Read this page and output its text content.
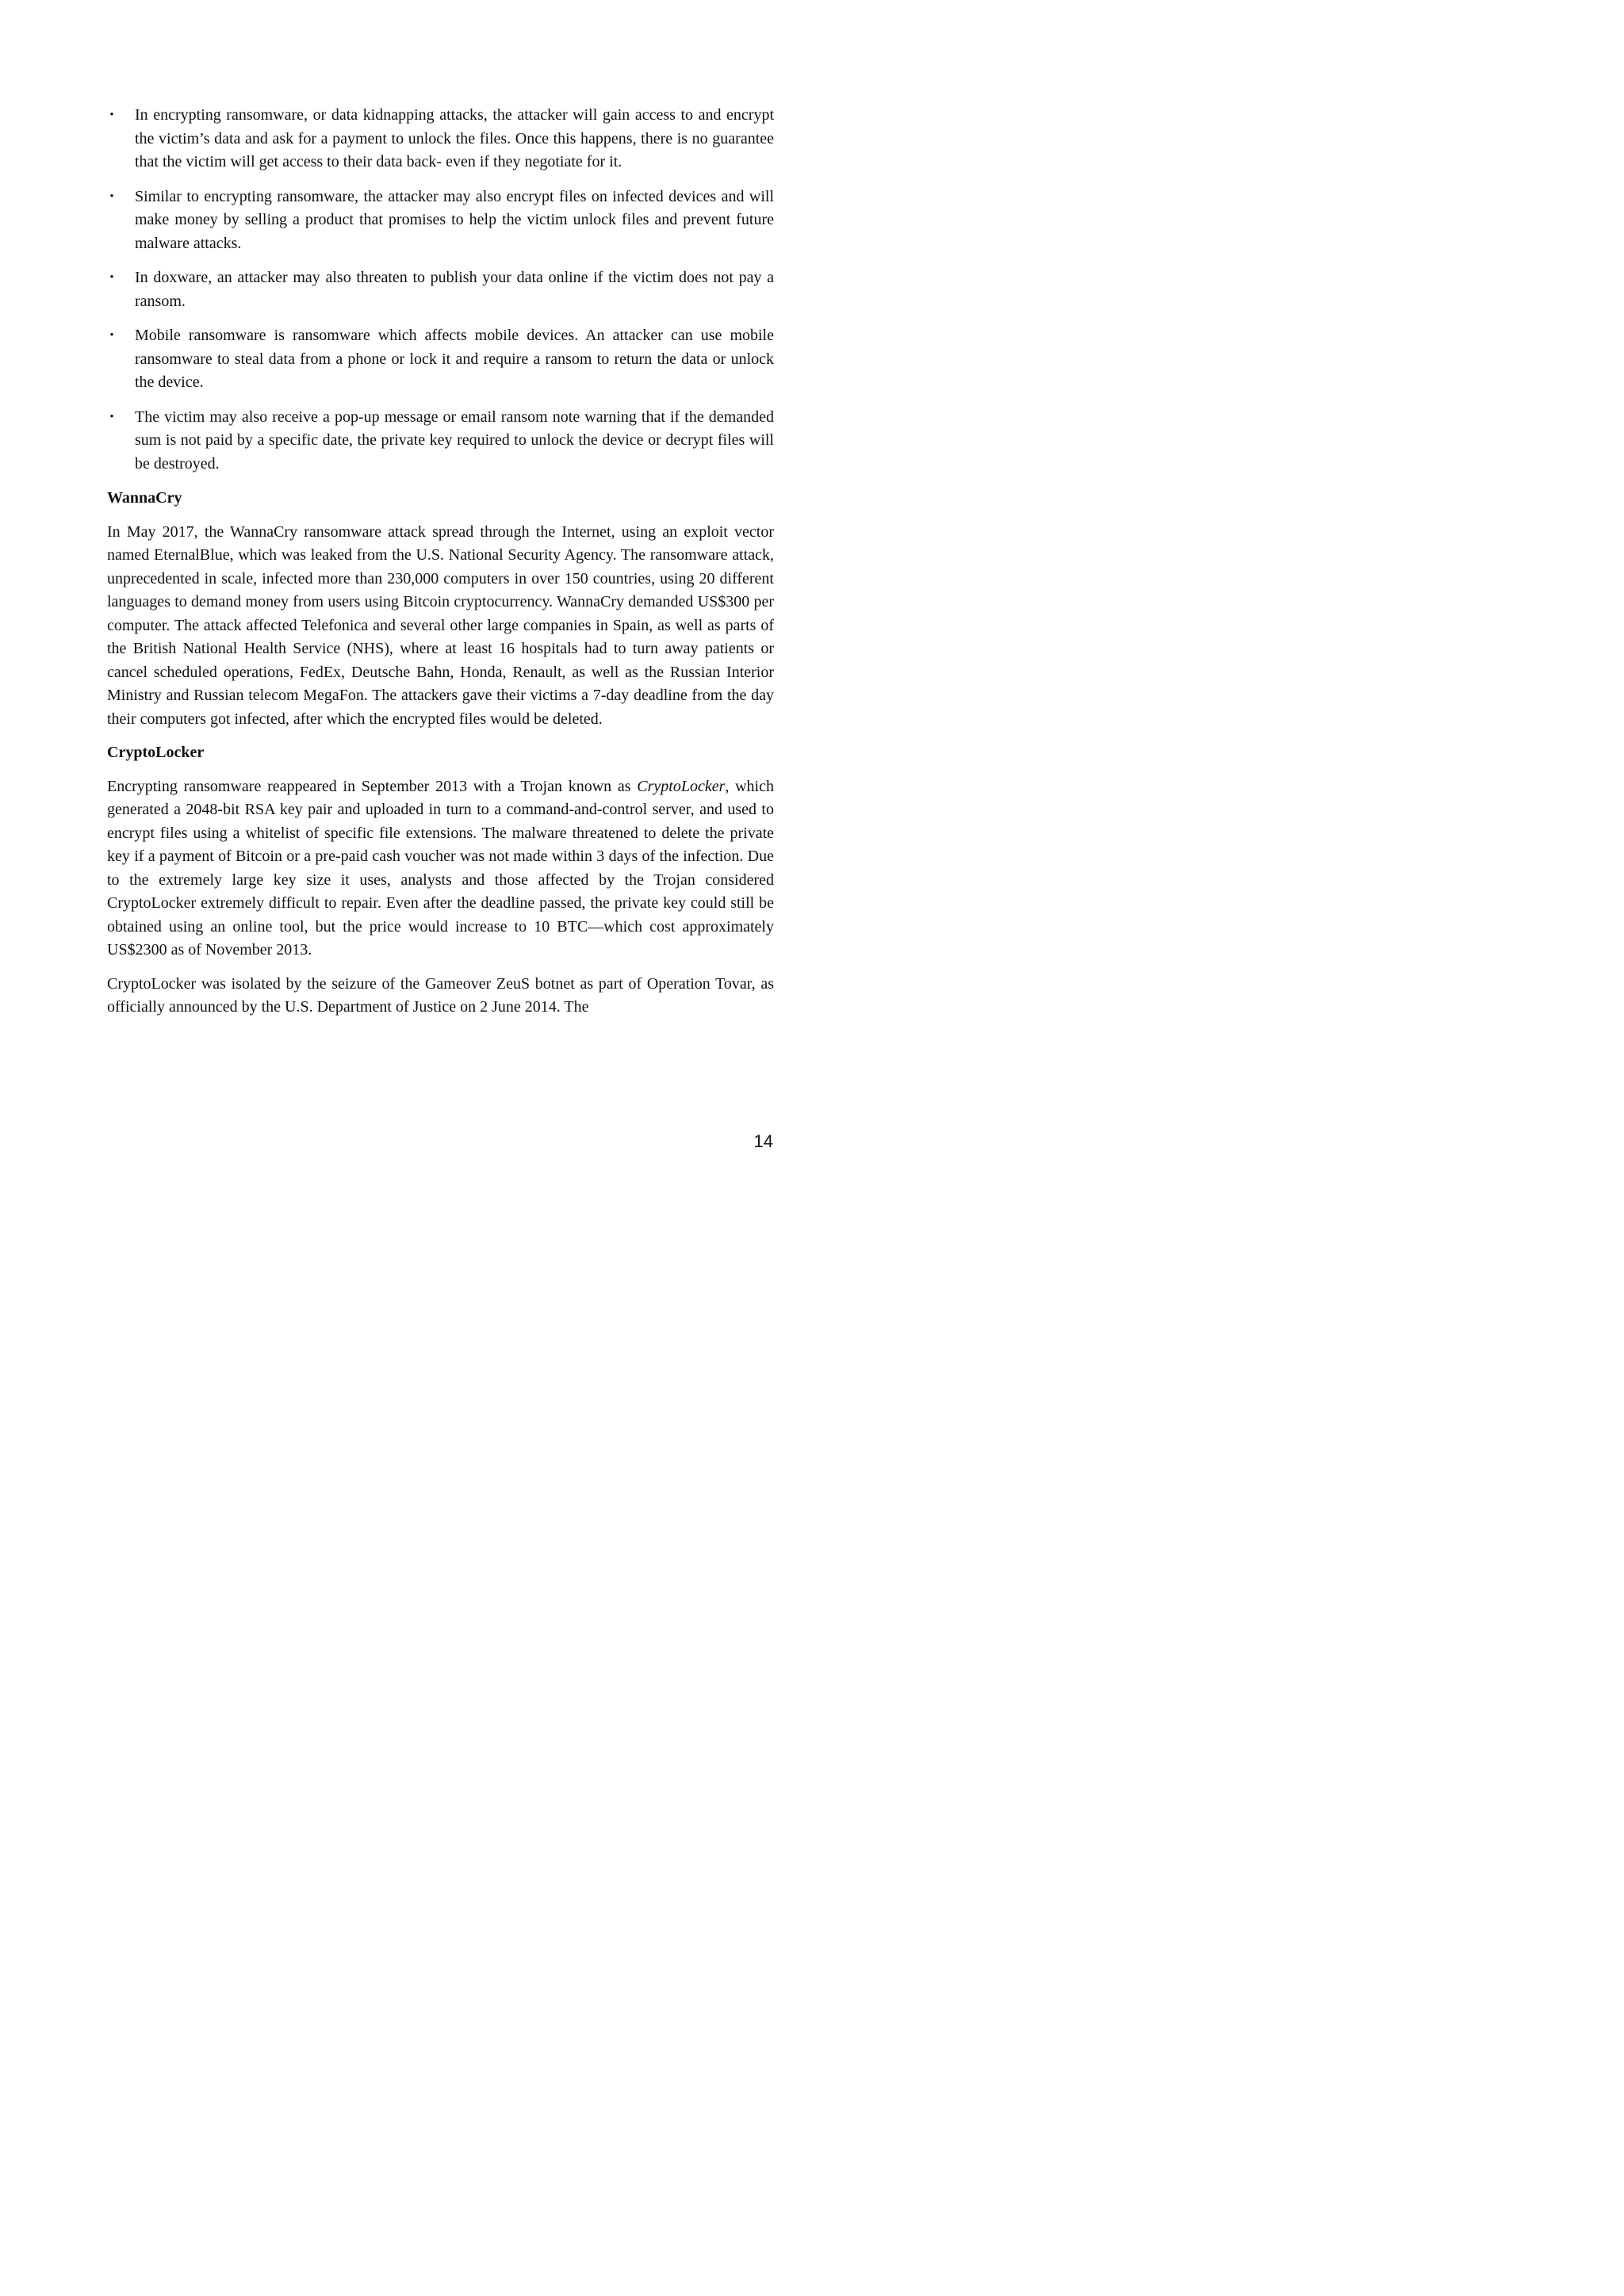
• In encrypting ransomware, or data kidnapping attacks, the attacker will gain access to and encrypt the victim’s data and ask for a payment to unlock the files. Once this happens, there is no guarantee that the victim will get access to their data back- even if they negotiate for it.
• Similar to encrypting ransomware, the attacker may also encrypt files on infected devices and will make money by selling a product that promises to help the victim unlock files and prevent future malware attacks.
• In doxware, an attacker may also threaten to publish your data online if the victim does not pay a ransom.
• Mobile ransomware is ransomware which affects mobile devices. An attacker can use mobile ransomware to steal data from a phone or lock it and require a ransom to return the data or unlock the device.
• The victim may also receive a pop-up message or email ransom note warning that if the demanded sum is not paid by a specific date, the private key required to unlock the device or decrypt files will be destroyed.
WannaCry

In May 2017, the WannaCry ransomware attack spread through the Internet, using an exploit vector named EternalBlue, which was leaked from the U.S. National Security Agency. The ransomware attack, unprecedented in scale, infected more than 230,000 computers in over 150 countries, using 20 different languages to demand money from users using Bitcoin cryptocurrency. WannaCry demanded US$300 per computer. The attack affected Telefonica and several other large companies in Spain, as well as parts of the British National Health Service (NHS), where at least 16 hospitals had to turn away patients or cancel scheduled operations, FedEx, Deutsche Bahn, Honda, Renault, as well as the Russian Interior Ministry and Russian telecom MegaFon. The attackers gave their victims a 7-day deadline from the day their computers got infected, after which the encrypted files would be deleted.

CryptoLocker

Encrypting ransomware reappeared in September 2013 with a Trojan known as CryptoLocker, which generated a 2048-bit RSA key pair and uploaded in turn to a command-and-control server, and used to encrypt files using a whitelist of specific file extensions. The malware threatened to delete the private key if a payment of Bitcoin or a pre-paid cash voucher was not made within 3 days of the infection. Due to the extremely large key size it uses, analysts and those affected by the Trojan considered CryptoLocker extremely difficult to repair. Even after the deadline passed, the private key could still be obtained using an online tool, but the price would increase to 10 BTC—which cost approximately US$2300 as of November 2013.

CryptoLocker was isolated by the seizure of the Gameover ZeuS botnet as part of Operation Tovar, as officially announced by the U.S. Department of Justice on 2 June 2014. The

14
